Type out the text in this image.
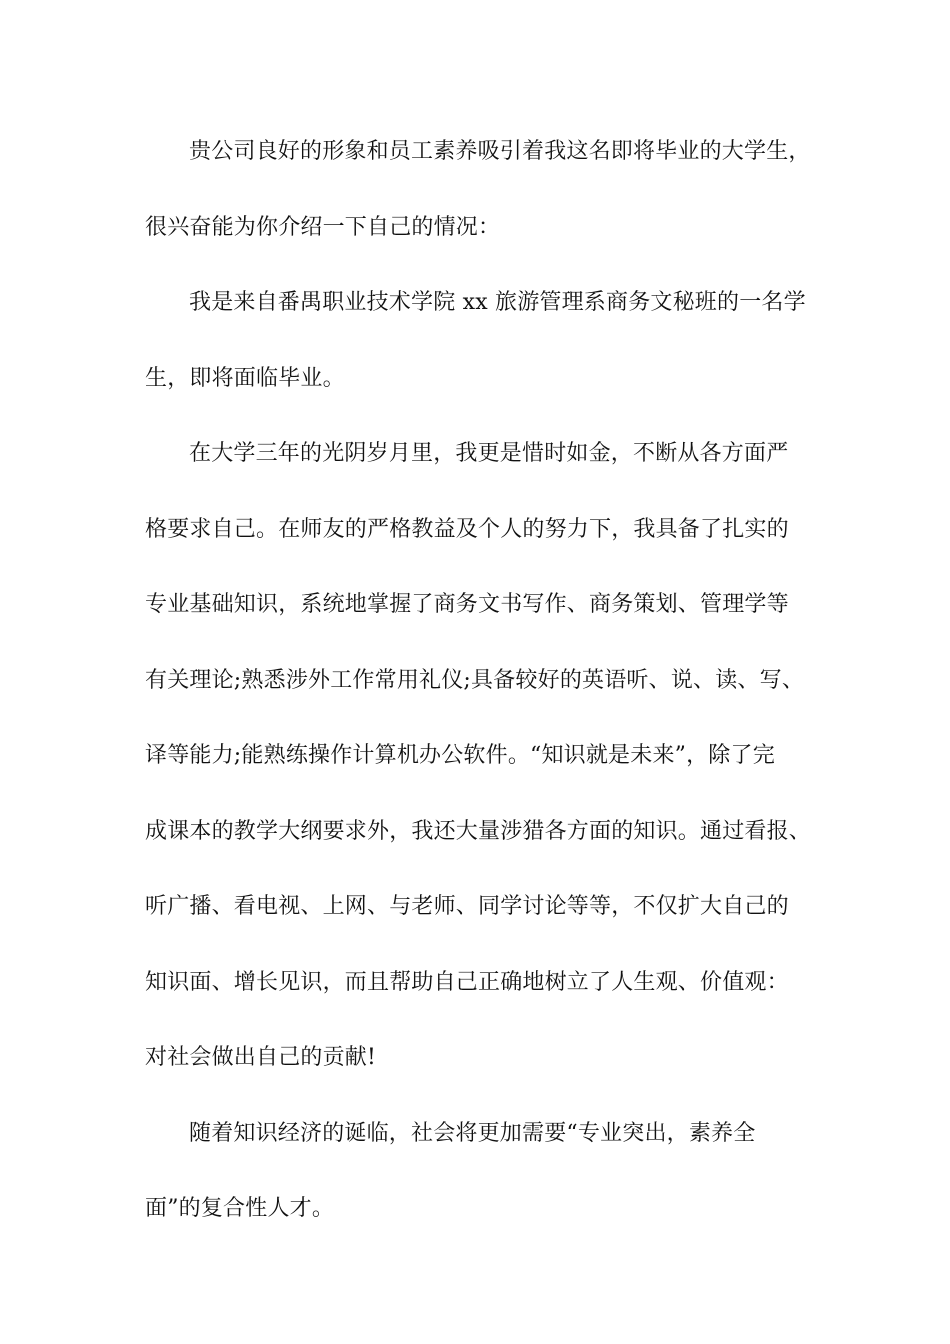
贵公司良好的形象和员工素养吸引着我这名即将毕业的大学生，
很兴奋能为你介绍一下自己的情况：
我是来自番禺职业技术学院 xx 旅游管理系商务文秘班的一名学
生，即将面临毕业。
在大学三年的光阴岁月里，我更是惜时如金，不断从各方面严
格要求自己。在师友的严格教益及个人的努力下，我具备了扎实的
专业基础知识，系统地掌握了商务文书写作、商务策划、管理学等
有关理论;熟悉涉外工作常用礼仪;具备较好的英语听、说、读、写、
译等能力;能熟练操作计算机办公软件。“知识就是未来”，除了完
成课本的教学大纲要求外，我还大量涉猎各方面的知识。通过看报、
听广播、看电视、上网、与老师、同学讨论等等，不仅扩大自己的
知识面、增长见识，而且帮助自己正确地树立了人生观、价值观：
对社会做出自己的贡献!
随着知识经济的诞临，社会将更加需要“专业突出，素养全
面”的复合性人才。
